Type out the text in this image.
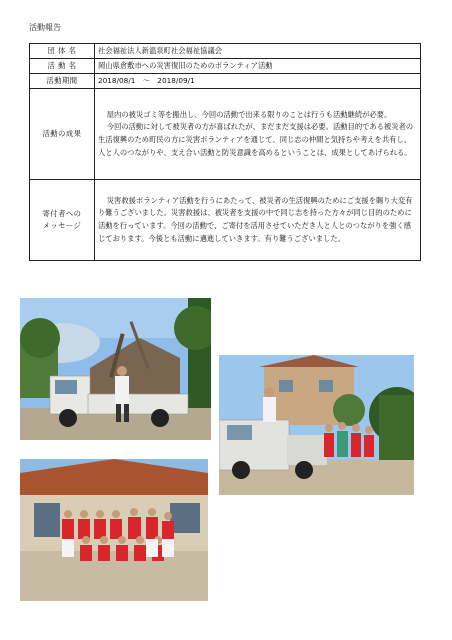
活動報告
団 体 名	社会福祉法人新温泉町社会福祉協議会
活 動 名	岡山県倉敷市への災害復旧のためのボランティア活動
活動期間	2018/08/1　～　2018/09/1
活動の成果	屋内の被災ゴミ等を搬出し、今回の活動で出来る限りのことは行うも活動継続が必要。

今回の活動に対して被災者の方が喜ばれたが、まだまだ支援は必要。活動目的である被災者の生活復興のため町民の方に災害ボランティアを通じて、同じ志の仲間と気持ちや考えを共有し、人と人のつながりや、支え合い活動と防災意識を高めるということは、成果としてあげられる。

寄付者への
メッセージ	災害救援ボランティア活動を行うにあたって、被災者の生活復興のためにご支援を賜り大変有り難うございました。災害救援は、被災者を支援の中で同じ志を持った方々が同じ目的のために活動を行っています。今回の活動で、ご寄付を活用させていただき人と人とのつながりを強く感じております。今後とも活動に邁進していきます。有り難うございました。
